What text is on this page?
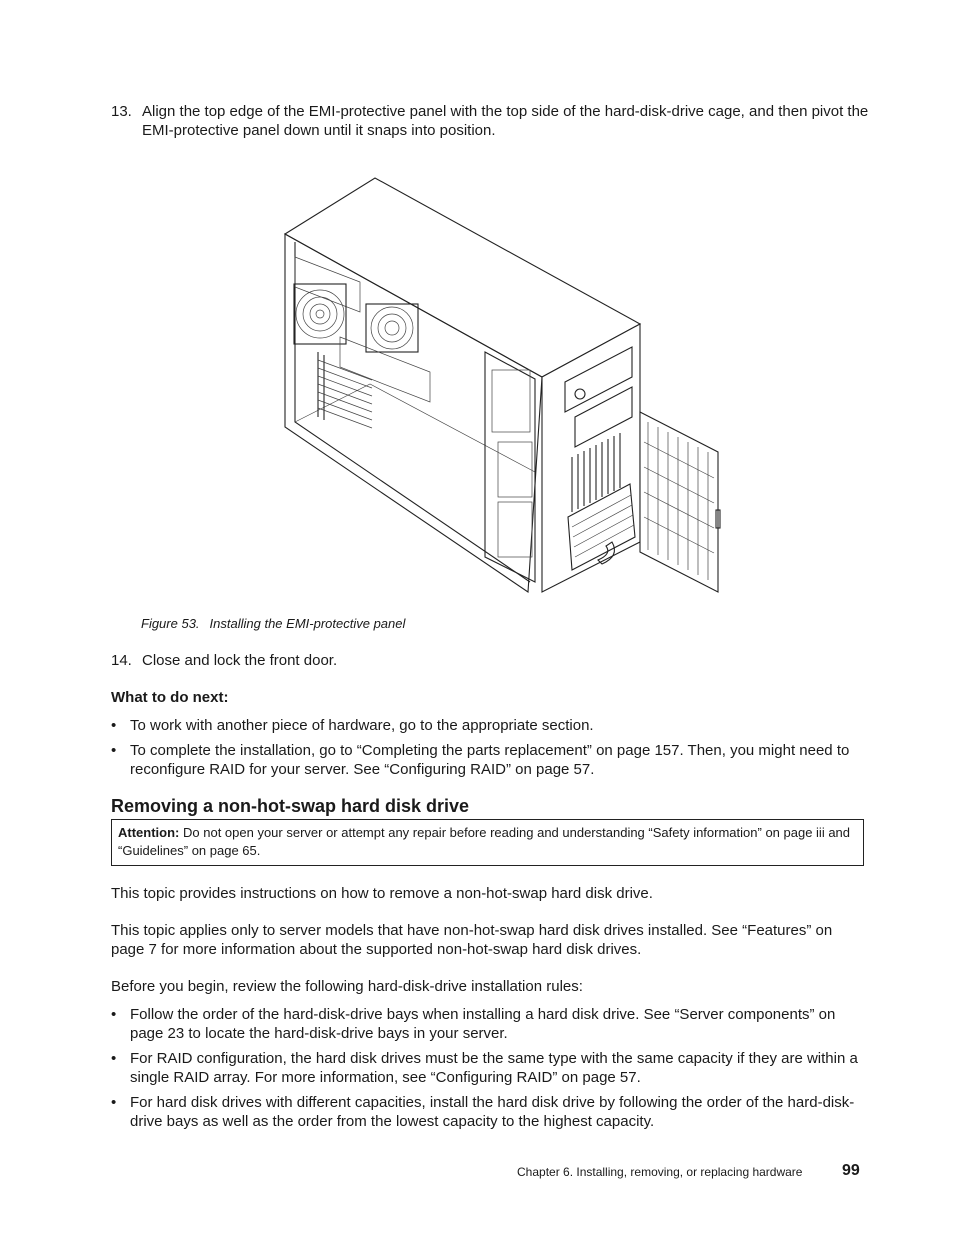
13. Align the top edge of the EMI-protective panel with the top side of the hard-disk-drive cage, and then pivot the EMI-protective panel down until it snaps into position.
Figure 53. Installing the EMI-protective panel
14. Close and lock the front door.
What to do next:
• To work with another piece of hardware, go to the appropriate section.
• To complete the installation, go to “Completing the parts replacement” on page 157. Then, you might need to reconfigure RAID for your server. See “Configuring RAID” on page 57.
Removing a non-hot-swap hard disk drive
Attention: Do not open your server or attempt any repair before reading and understanding “Safety information” on page iii and “Guidelines” on page 65.
This topic provides instructions on how to remove a non-hot-swap hard disk drive.
This topic applies only to server models that have non-hot-swap hard disk drives installed. See “Features” on page 7 for more information about the supported non-hot-swap hard disk drives.
Before you begin, review the following hard-disk-drive installation rules:
• Follow the order of the hard-disk-drive bays when installing a hard disk drive. See “Server components” on page 23 to locate the hard-disk-drive bays in your server.
• For RAID configuration, the hard disk drives must be the same type with the same capacity if they are within a single RAID array. For more information, see “Configuring RAID” on page 57.
• For hard disk drives with different capacities, install the hard disk drive by following the order of the hard-disk-drive bays as well as the order from the lowest capacity to the highest capacity.
Chapter 6. Installing, removing, or replacing hardware 99
